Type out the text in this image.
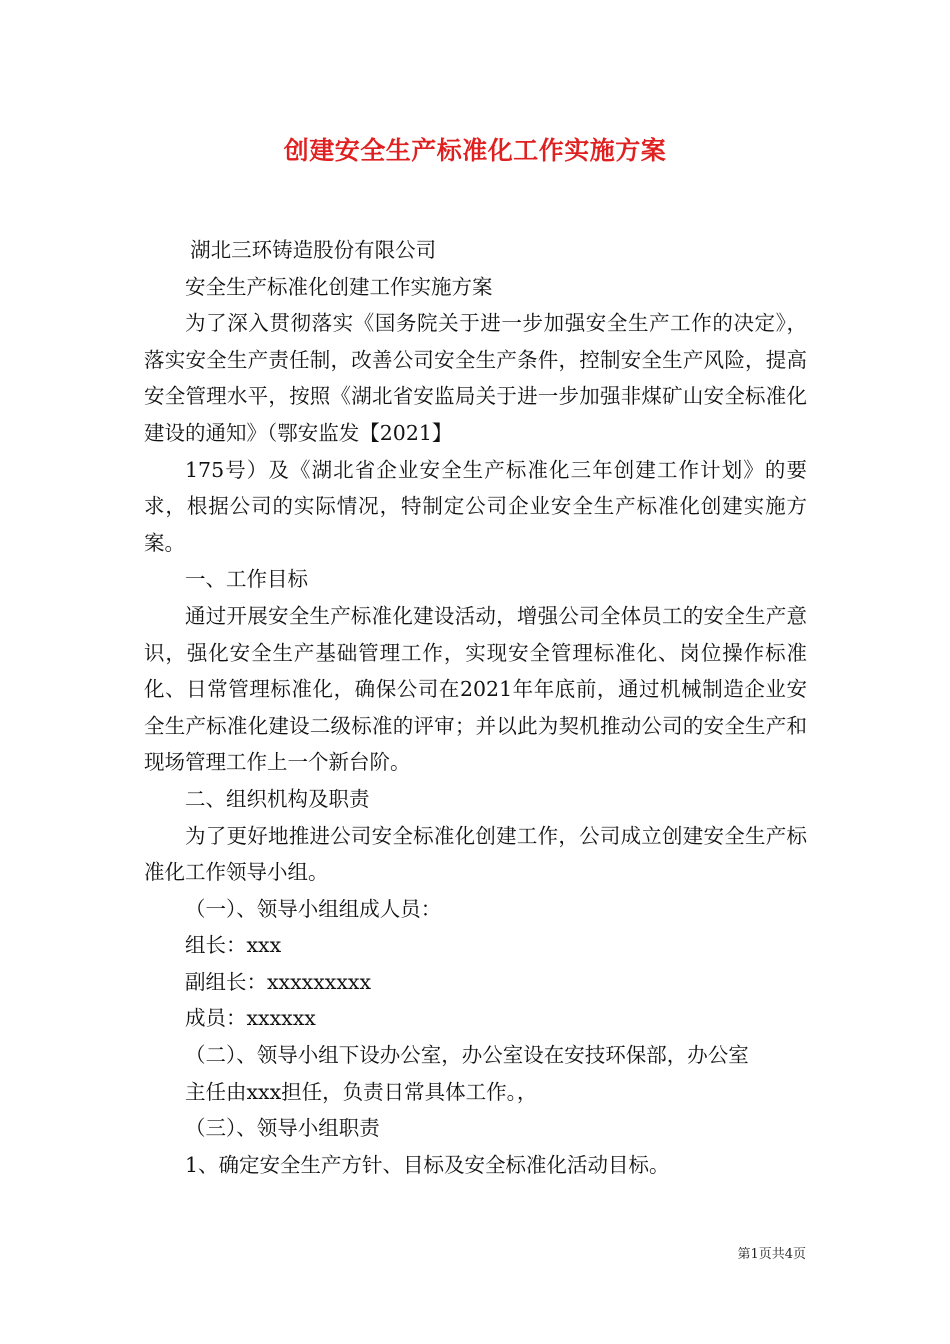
创建安全生产标准化工作实施方案

湖北三环铸造股份有限公司

安全生产标准化创建工作实施方案

为了深入贯彻落实《国务院关于进一步加强安全生产工作的决定》，落实安全生产责任制，改善公司安全生产条件，控制安全生产风险，提高安全管理水平，按照《湖北省安监局关于进一步加强非煤矿山安全标准化建设的通知》（鄂安监发【2021】

175号）及《湖北省企业安全生产标准化三年创建工作计划》的要求，根据公司的实际情况，特制定公司企业安全生产标准化创建实施方案。

一、工作目标

通过开展安全生产标准化建设活动，增强公司全体员工的安全生产意识，强化安全生产基础管理工作，实现安全管理标准化、岗位操作标准化、日常管理标准化，确保公司在2021年年底前，通过机械制造企业安全生产标准化建设二级标准的评审；并以此为契机推动公司的安全生产和现场管理工作上一个新台阶。

二、组织机构及职责

为了更好地推进公司安全标准化创建工作，公司成立创建安全生产标准化工作领导小组。

（一）、领导小组组成人员：

组长：xxx

副组长：xxxxxxxxx

成员：xxxxxx

（二）、领导小组下设办公室，办公室设在安技环保部，办公室

主任由xxx担任，负责日常具体工作。，

（三）、领导小组职责

1、确定安全生产方针、目标及安全标准化活动目标。

第1页共4页
